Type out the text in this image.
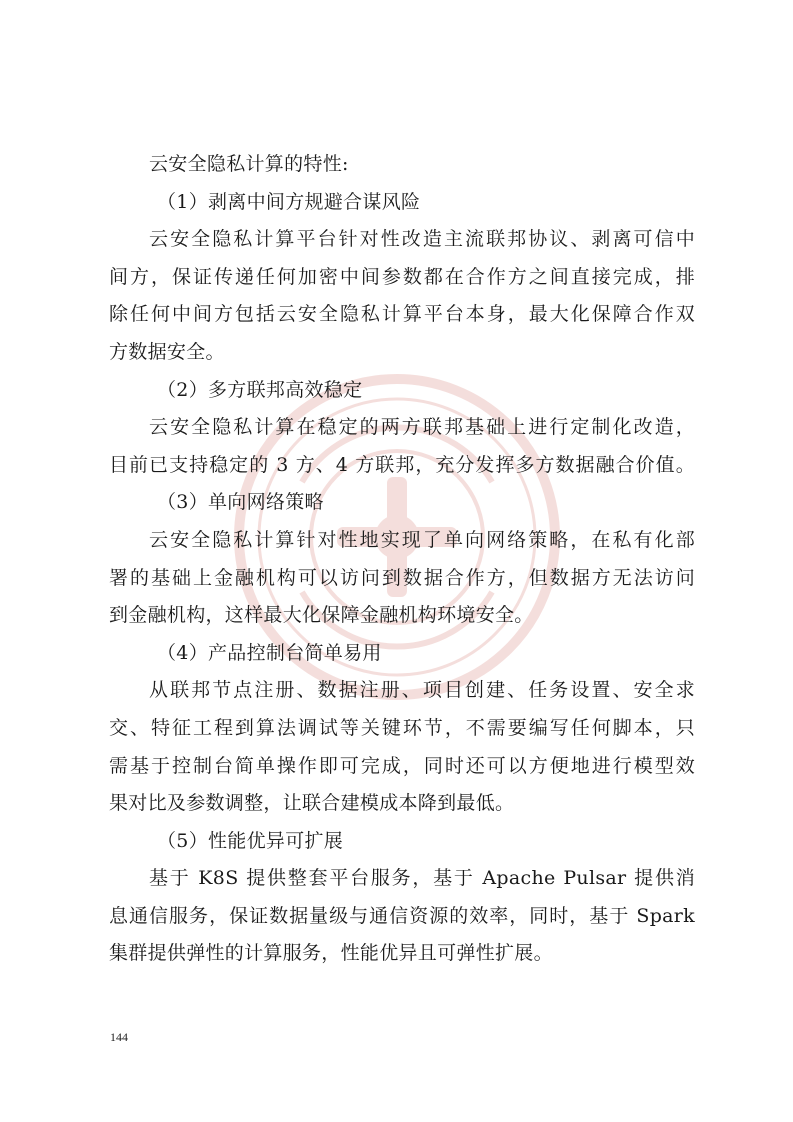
云安全隐私计算的特性:
（1）剥离中间方规避合谋风险
云安全隐私计算平台针对性改造主流联邦协议、剥离可信中
间方，保证传递任何加密中间参数都在合作方之间直接完成，排
除任何中间方包括云安全隐私计算平台本身，最大化保障合作双
方数据安全。
（2）多方联邦高效稳定
云安全隐私计算在稳定的两方联邦基础上进行定制化改造，
目前已支持稳定的 3 方、4 方联邦，充分发挥多方数据融合价值。
（3）单向网络策略
云安全隐私计算针对性地实现了单向网络策略，在私有化部
署的基础上金融机构可以访问到数据合作方，但数据方无法访问
到金融机构，这样最大化保障金融机构环境安全。
（4）产品控制台简单易用
从联邦节点注册、数据注册、项目创建、任务设置、安全求
交、特征工程到算法调试等关键环节，不需要编写任何脚本，只
需基于控制台简单操作即可完成，同时还可以方便地进行模型效
果对比及参数调整，让联合建模成本降到最低。
（5）性能优异可扩展
基于 K8S 提供整套平台服务，基于 Apache Pulsar 提供消
息通信服务，保证数据量级与通信资源的效率，同时，基于 Spark
集群提供弹性的计算服务，性能优异且可弹性扩展。
144
